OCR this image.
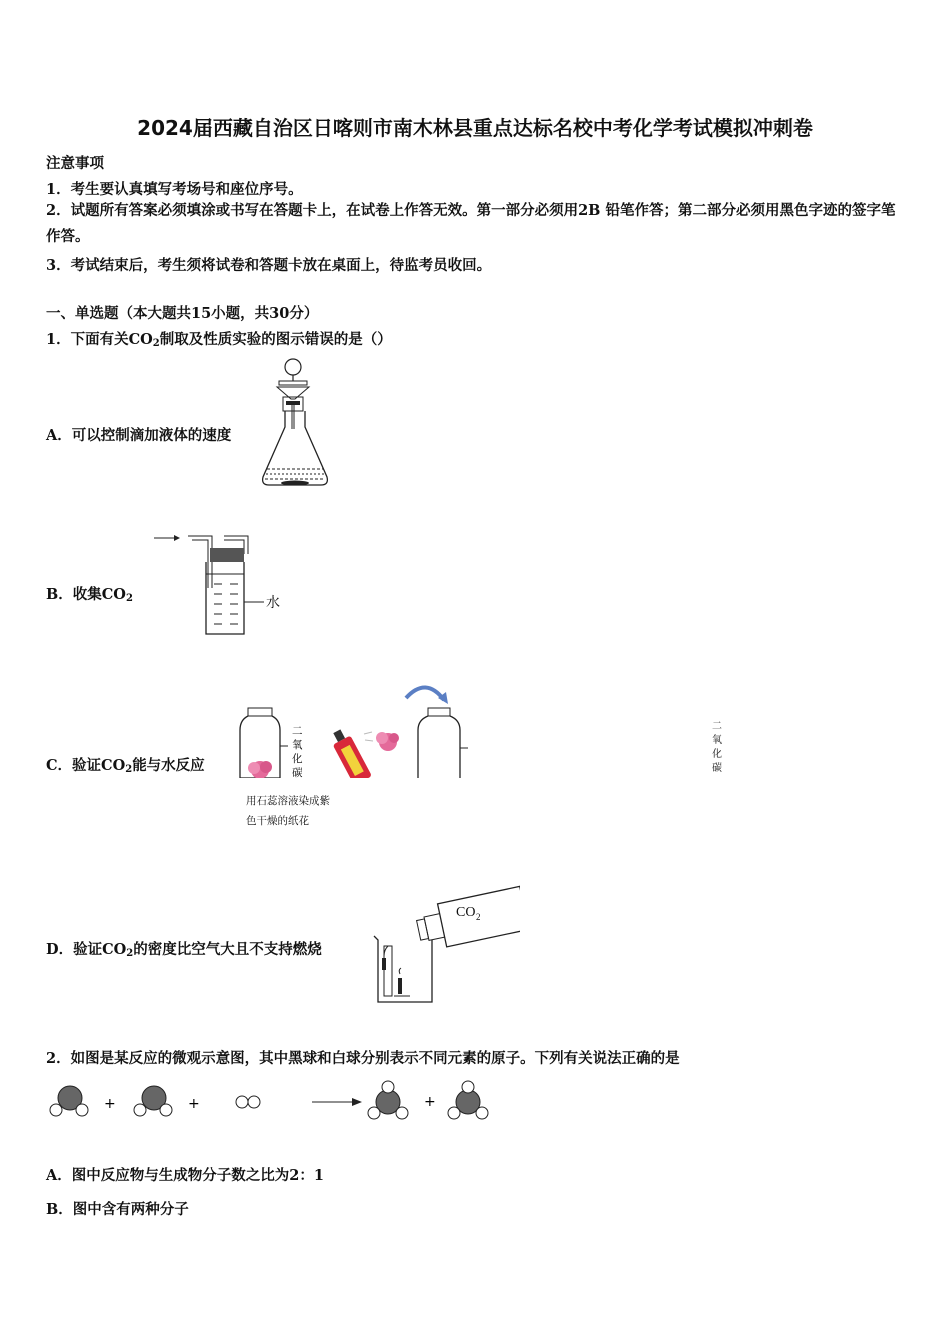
2024届西藏自治区日喀则市南木林县重点达标名校中考化学考试模拟冲刺卷
注意事项
1．考生要认真填写考场号和座位序号。
2．试题所有答案必须填涂或书写在答题卡上，在试卷上作答无效。第一部分必须用2B 铅笔作答；第二部分必须用黑色字迹的签字笔作答。
3．考试结束后，考生须将试卷和答题卡放在桌面上，待监考员收回。
一、单选题（本大题共15小题，共30分）
1．下面有关$CO_2$制取及性质实验的图示错误的是（）
A．可以控制滴加液体的速度
B．收集$CO_2$	水
C．验证$CO_2$能与水反应
二
氧
化
碳
二
氧
化
碳
用石蕊溶液染成紫
色干燥的纸花
D．验证$CO_2$的密度比空气大且不支持燃烧
CO 2
2．如图是某反应的微观示意图，其中黑球和白球分别表示不同元素的原子。下列有关说法正确的是
+	+	+
A．图中反应物与生成物分子数之比为2：1
B．图中含有两种分子
